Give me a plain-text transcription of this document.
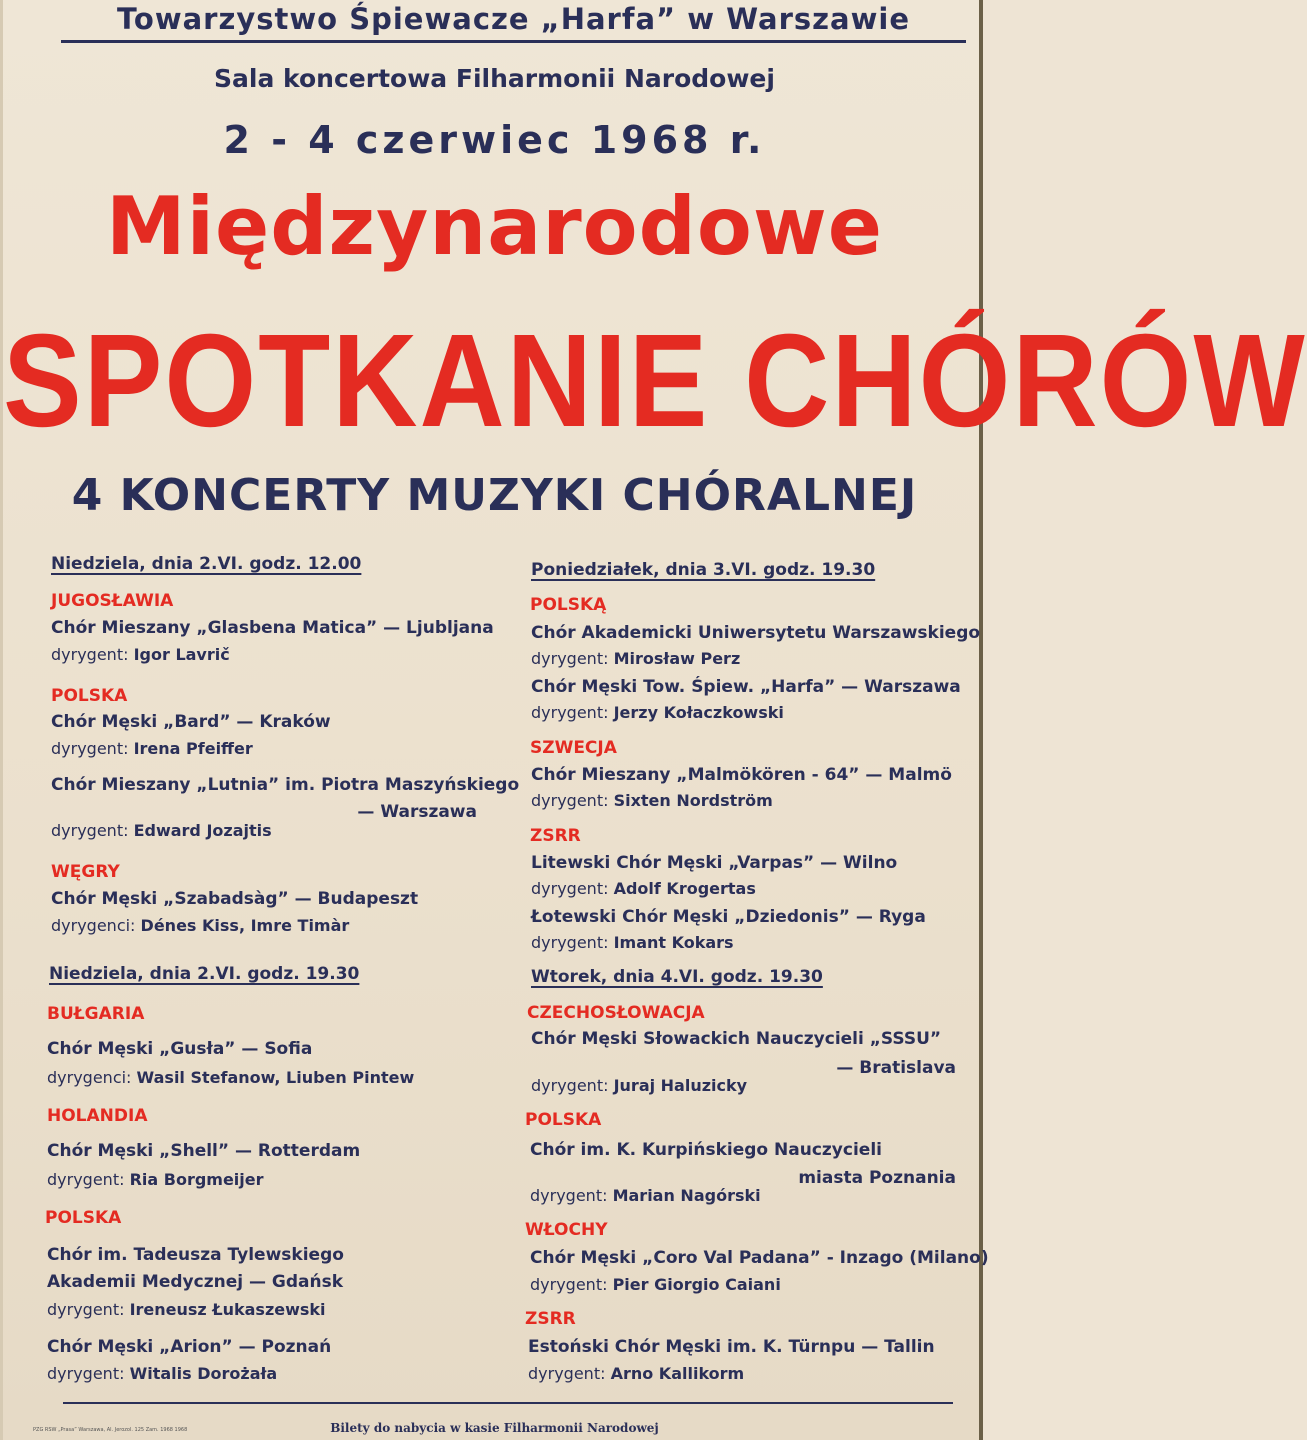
Towarzystwo Śpiewacze „Harfa” w Warszawie
Sala koncertowa Filharmonii Narodowej
2 - 4 czerwiec 1968 r.
Międzynarodowe
SPOTKANIE CHÓRÓW
4 KONCERTY MUZYKI CHÓRALNEJ
Niedziela, dnia 2.VI. godz. 12.00
JUGOSŁAWIA
Chór Mieszany „Glasbena Matica” — Ljubljana
dyrygent: Igor Lavrič
POLSKA
Chór Męski „Bard” — Kraków
dyrygent: Irena Pfeiffer
Chór Mieszany „Lutnia” im. Piotra Maszyńskiego
— Warszawa
dyrygent: Edward Jozajtis
WĘGRY
Chór Męski „Szabadsàg” — Budapeszt
dyrygenci: Dénes Kiss, Imre Timàr
Niedziela, dnia 2.VI. godz. 19.30
BUŁGARIA
Chór Męski „Gusła” — Sofia
dyrygenci: Wasil Stefanow, Liuben Pintew
HOLANDIA
Chór Męski „Shell” — Rotterdam
dyrygent: Ria Borgmeijer
POLSKA
Chór im. Tadeusza Tylewskiego
Akademii Medycznej — Gdańsk
dyrygent: Ireneusz Łukaszewski
Chór Męski „Arion” — Poznań
dyrygent: Witalis Dorożała
Poniedziałek, dnia 3.VI. godz. 19.30
POLSKĄ
Chór Akademicki Uniwersytetu Warszawskiego
dyrygent: Mirosław Perz
Chór Męski Tow. Śpiew. „Harfa” — Warszawa
dyrygent: Jerzy Kołaczkowski
SZWECJA
Chór Mieszany „Malmökören - 64” — Malmö
dyrygent: Sixten Nordström
ZSRR
Litewski Chór Męski „Varpas” — Wilno
dyrygent: Adolf Krogertas
Łotewski Chór Męski „Dziedonis” — Ryga
dyrygent: Imant Kokars
Wtorek, dnia 4.VI. godz. 19.30
CZECHOSŁOWACJA
Chór Męski Słowackich Nauczycieli „SSSU”
— Bratislava
dyrygent: Juraj Haluzicky
POLSKA
Chór im. K. Kurpińskiego Nauczycieli
miasta Poznania
dyrygent: Marian Nagórski
WŁOCHY
Chór Męski „Coro Val Padana” - Inzago (Milano)
dyrygent: Pier Giorgio Caiani
ZSRR
Estoński Chór Męski im. K. Türnpu — Tallin
dyrygent: Arno Kallikorm
Bilety do nabycia w kasie Filharmonii Narodowej
PZG RSW „Prasa” Warszawa, Al. Jerozol. 125 Zam. 1968 1968
